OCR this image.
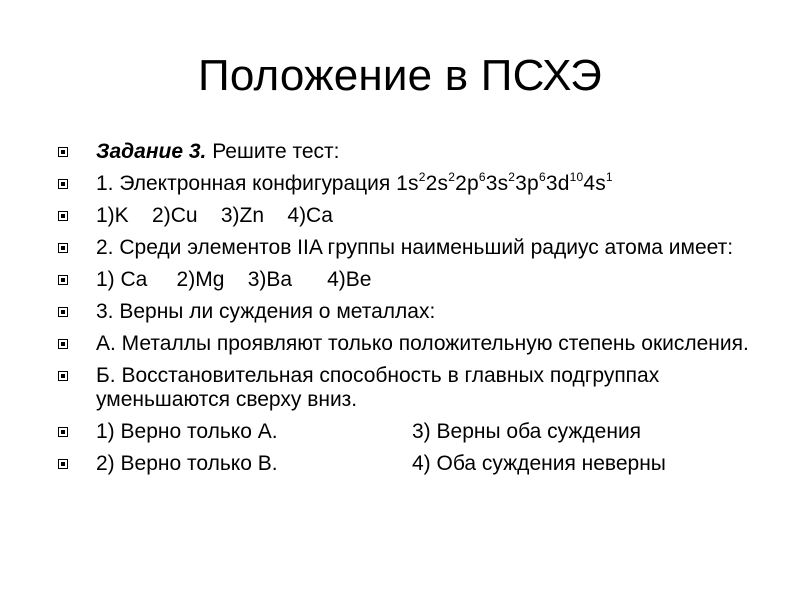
Положение в ПСХЭ
Задание 3. Решите тест:
1. Электронная конфигурация $1s^22s^22p^63s^23p^63d^{10}4s^1$
1)K    2)Cu    3)Zn    4)Ca
2. Среди элементов IIA группы наименьший радиус атома имеет:
1) Ca     2)Mg    3)Ba      4)Be
3. Верны ли суждения о металлах:
А. Металлы проявляют только положительную степень окисления.
Б. Восстановительная способность в главных подгруппах уменьшаются сверху вниз.
1) Верно только А.	3) Верны оба суждения
2) Верно только В.	4) Оба суждения неверны
